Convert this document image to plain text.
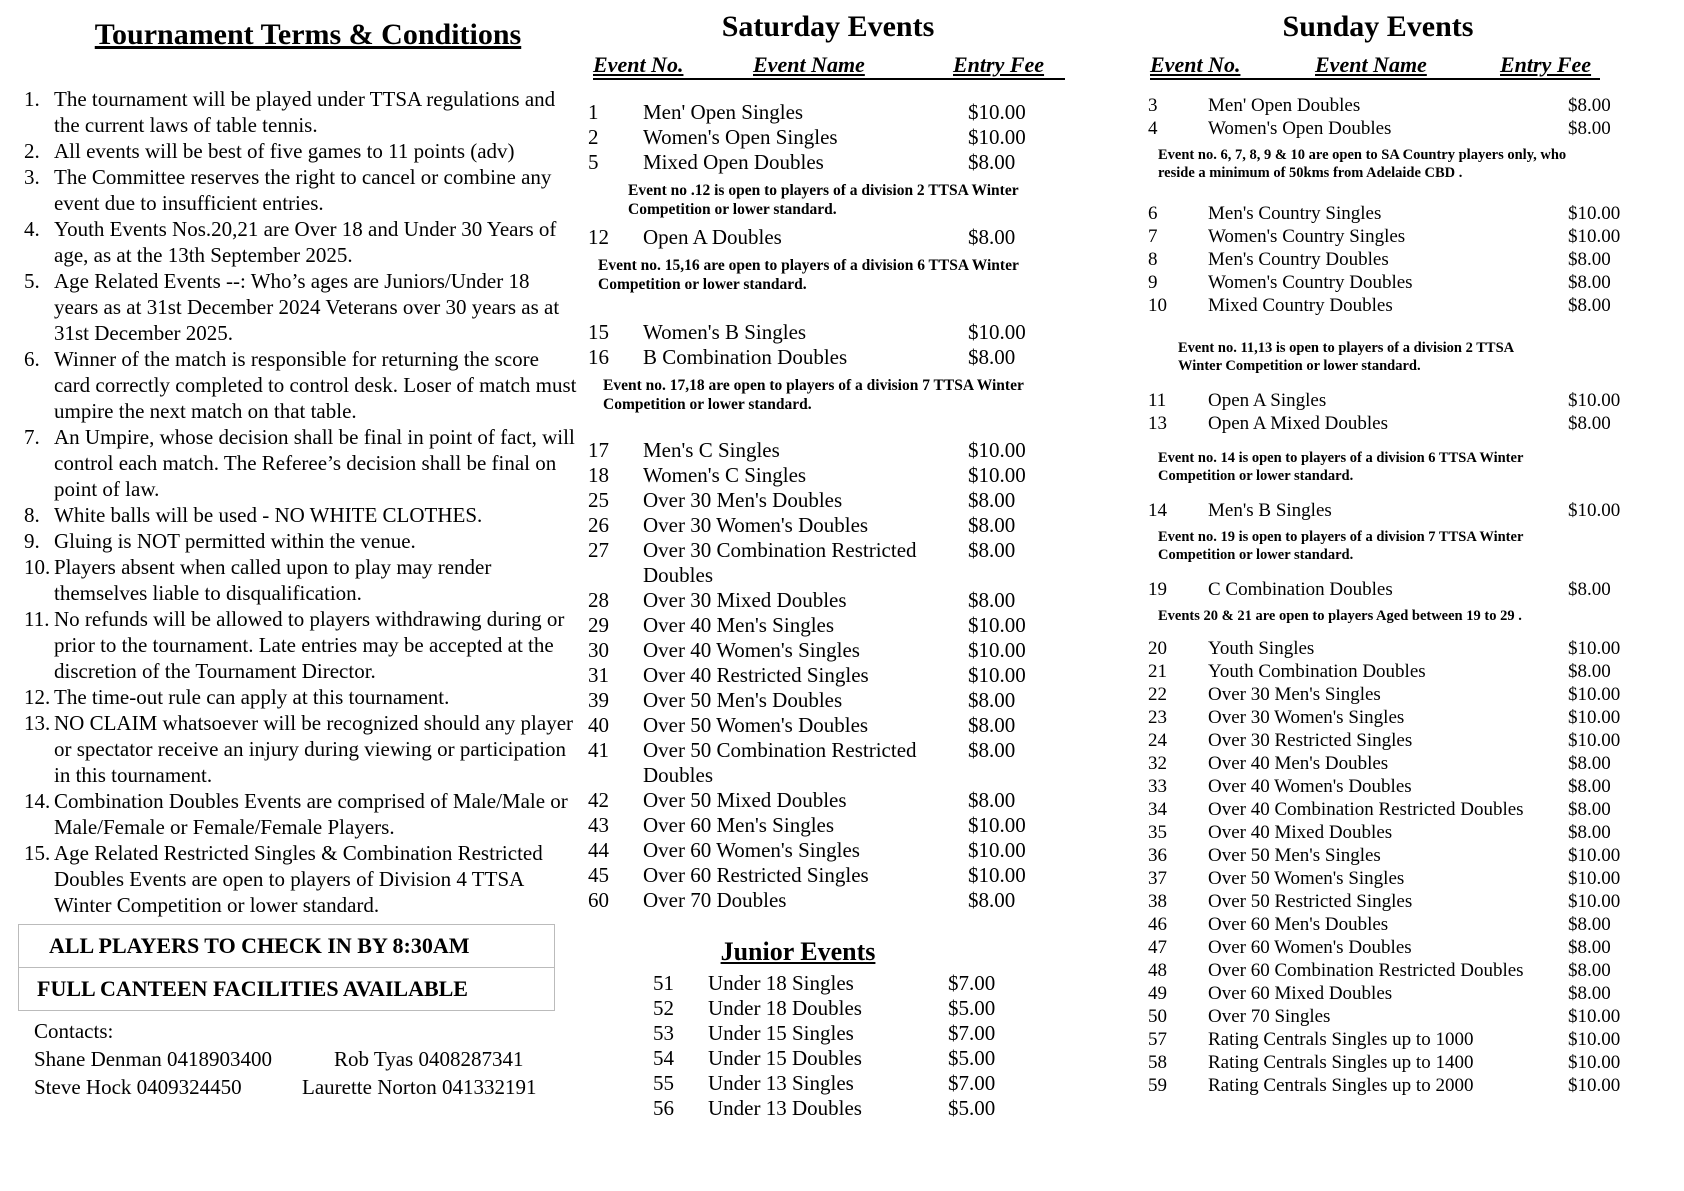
Tournament Terms & Conditions
1. The tournament will be played under TTSA regulations and the current laws of table tennis.
2. All events will be best of five games to 11 points (adv)
3. The Committee reserves the right to cancel or combine any event due to insufficient entries.
4. Youth Events Nos.20,21 are Over 18 and Under 30 Years of age, as at the 13th September 2025.
5. Age Related Events --: Who’s ages are Juniors/Under 18 years as at 31st December 2024 Veterans over 30 years as at 31st December 2025.
6. Winner of the match is responsible for returning the score card correctly completed to control desk. Loser of match must umpire the next match on that table.
7. An Umpire, whose decision shall be final in point of fact, will control each match. The Referee’s decision shall be final on point of law.
8. White balls will be used - NO WHITE CLOTHES.
9. Gluing is NOT permitted within the venue.
10. Players absent when called upon to play may render themselves liable to disqualification.
11. No refunds will be allowed to players withdrawing during or prior to the tournament. Late entries may be accepted at the discretion of the Tournament Director.
12. The time-out rule can apply at this tournament.
13. NO CLAIM whatsoever will be recognized should any player or spectator receive an injury during viewing or participation in this tournament.
14. Combination Doubles Events are comprised of Male/Male or Male/Female or Female/Female Players.
15. Age Related Restricted Singles & Combination Restricted Doubles Events are open to players of Division 4 TTSA Winter Competition or lower standard.
ALL PLAYERS TO CHECK IN BY 8:30AM
FULL CANTEEN FACILITIES AVAILABLE
Contacts:
Shane Denman 0418903400	Rob Tyas 0408287341
Steve Hock 0409324450	Laurette Norton 041332191
Saturday Events
Event No.	Event Name	Entry Fee
1	Men' Open Singles	$10.00
2	Women's Open Singles	$10.00
5	Mixed Open Doubles	$8.00
Event no .12 is open to players of a division 2 TTSA Winter Competition or lower standard.
12	Open A Doubles	$8.00
Event no. 15,16 are open to players of a division 6 TTSA Winter Competition or lower standard.
15	Women's B Singles	$10.00
16	B Combination Doubles	$8.00
Event no. 17,18 are open to players of a division 7 TTSA Winter Competition or lower standard.
17	Men's C Singles	$10.00
18	Women's C Singles	$10.00
25	Over 30 Men's Doubles	$8.00
26	Over 30 Women's Doubles	$8.00
27	Over 30 Combination Restricted Doubles
$8.00
28	Over 30 Mixed Doubles	$8.00
29	Over 40 Men's Singles	$10.00
30	Over 40 Women's Singles	$10.00
31	Over 40 Restricted Singles	$10.00
39	Over 50 Men's Doubles	$8.00
40	Over 50 Women's Doubles	$8.00
41	Over 50 Combination Restricted Doubles
$8.00
42	Over 50 Mixed Doubles	$8.00
43	Over 60 Men's Singles	$10.00
44	Over 60 Women's Singles	$10.00
45	Over 60 Restricted Singles	$10.00
60	Over 70 Doubles	$8.00
Junior Events
51	Under 18 Singles	$7.00
52	Under 18 Doubles	$5.00
53	Under 15 Singles	$7.00
54	Under 15 Doubles	$5.00
55	Under 13 Singles	$7.00
56	Under 13 Doubles	$5.00
Sunday Events
Event No.	Event Name	Entry Fee
3	Men' Open Doubles	$8.00
4	Women's Open Doubles	$8.00
Event no. 6, 7, 8, 9 & 10 are open to SA Country players only, who reside a minimum of 50kms from Adelaide CBD .
6	Men's Country Singles	$10.00
7	Women's Country Singles	$10.00
8	Men's Country Doubles	$8.00
9	Women's Country Doubles	$8.00
10	Mixed Country Doubles	$8.00
Event no. 11,13 is open to players of a division 2 TTSA Winter Competition or lower standard.
11	Open A Singles	$10.00
13	Open A Mixed Doubles	$8.00
Event no. 14 is open to players of a division 6 TTSA Winter Competition or lower standard.
14	Men's B Singles	$10.00
Event no. 19 is open to players of a division 7 TTSA Winter Competition or lower standard.
19	C Combination Doubles	$8.00
Events 20 & 21 are open to players Aged between 19 to 29 .
20	Youth Singles	$10.00
21	Youth Combination Doubles	$8.00
22	Over 30 Men's Singles	$10.00
23	Over 30 Women's Singles	$10.00
24	Over 30 Restricted Singles	$10.00
32	Over 40 Men's Doubles	$8.00
33	Over 40 Women's Doubles	$8.00
34	Over 40 Combination Restricted Doubles	$8.00
35	Over 40 Mixed Doubles	$8.00
36	Over 50 Men's Singles	$10.00
37	Over 50 Women's Singles	$10.00
38	Over 50 Restricted Singles	$10.00
46	Over 60 Men's Doubles	$8.00
47	Over 60 Women's Doubles	$8.00
48	Over 60 Combination Restricted Doubles	$8.00
49	Over 60 Mixed Doubles	$8.00
50	Over 70 Singles	$10.00
57	Rating Centrals Singles up to 1000	$10.00
58	Rating Centrals Singles up to 1400	$10.00
59	Rating Centrals Singles up to 2000	$10.00
